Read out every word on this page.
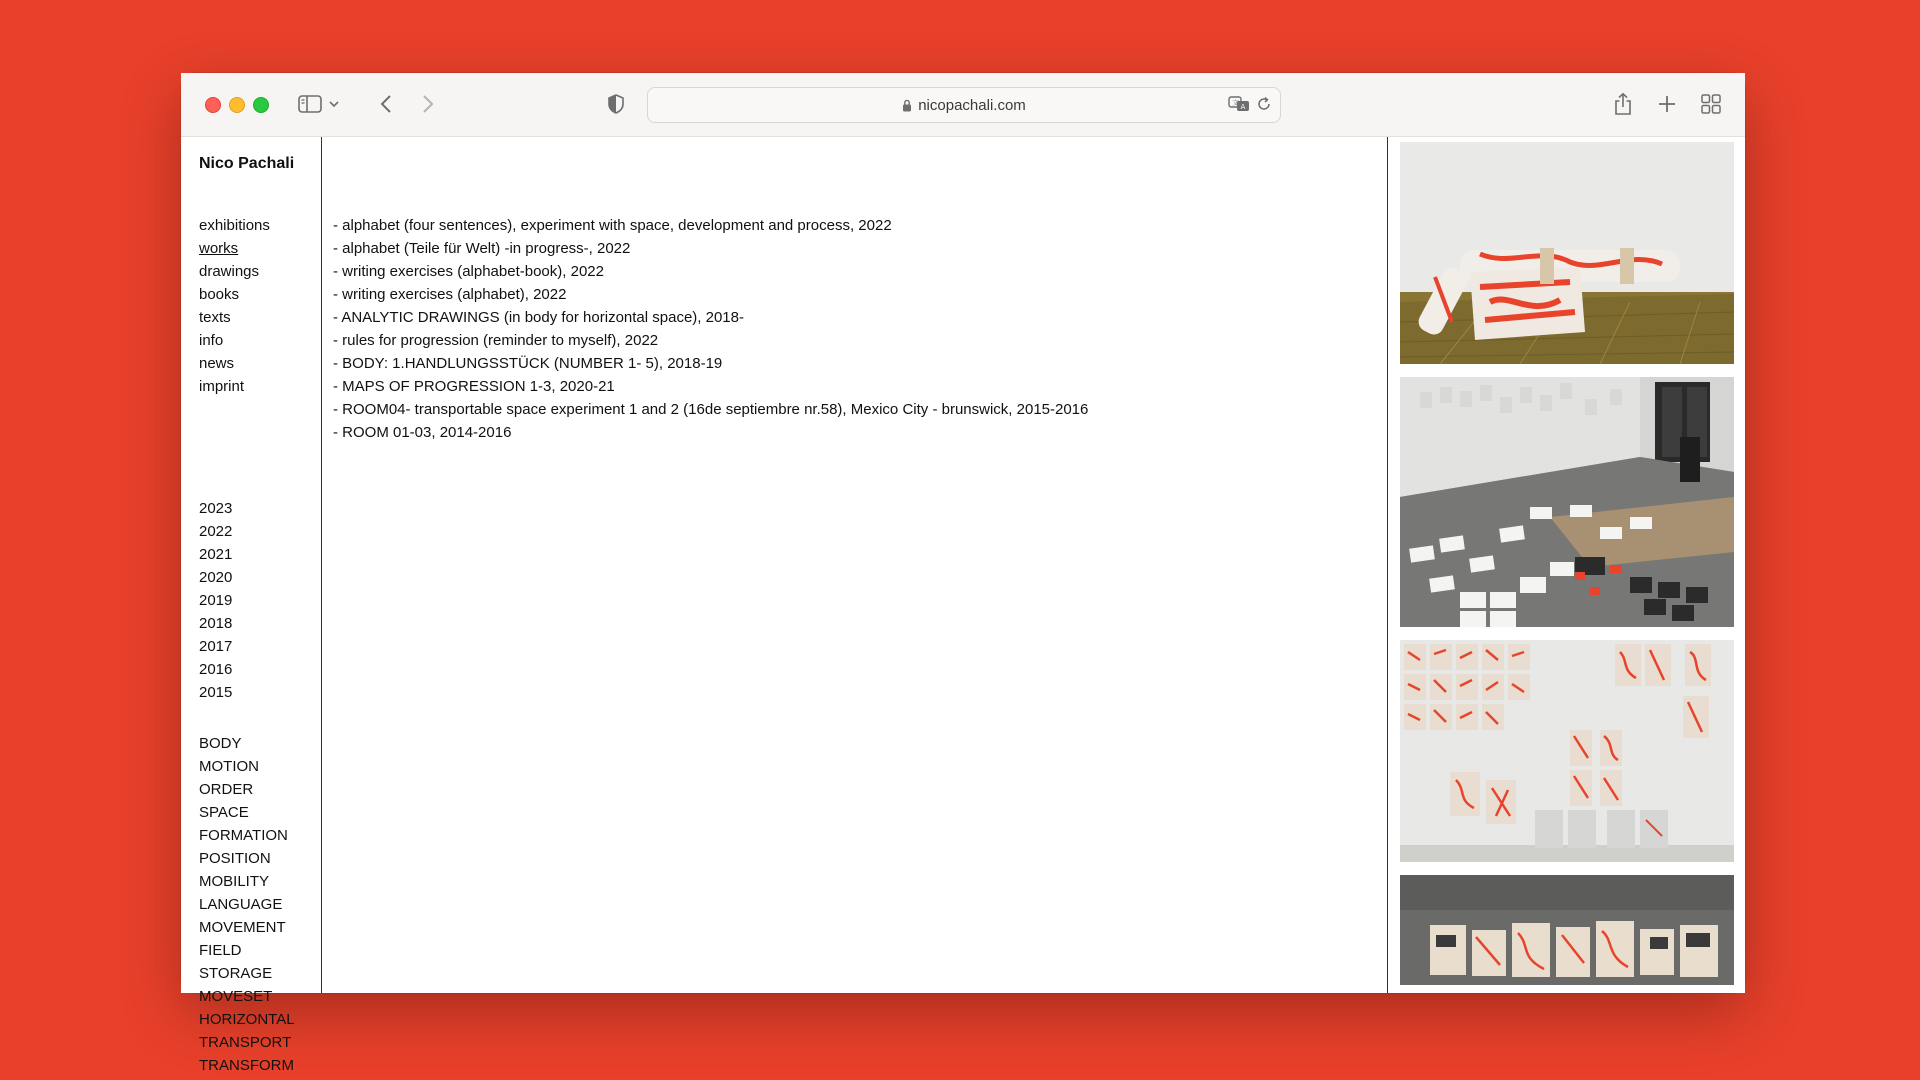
nicopachali.com	文 A
Nico Pachali
exhibitions
works
drawings
books
texts
info
news
imprint
2023
2022
2021
2020
2019
2018
2017
2016
2015
BODY
MOTION
ORDER
SPACE
FORMATION
POSITION
MOBILITY
LANGUAGE
MOVEMENT
FIELD
STORAGE
MOVESET
HORIZONTAL
TRANSPORT
TRANSFORM
- alphabet (four sentences), experiment with space, development and process, 2022
- alphabet (Teile für Welt) -in progress-, 2022
- writing exercises (alphabet-book), 2022
- writing exercises (alphabet), 2022
- ANALYTIC DRAWINGS (in body for horizontal space), 2018-
- rules for progression (reminder to myself), 2022
- BODY: 1.HANDLUNGSSTÜCK (NUMBER 1- 5), 2018-19
- MAPS OF PROGRESSION 1-3, 2020-21
- ROOM04- transportable space experiment 1 and 2 (16de septiembre nr.58), Mexico City - brunswick, 2015-2016
- ROOM 01-03, 2014-2016
